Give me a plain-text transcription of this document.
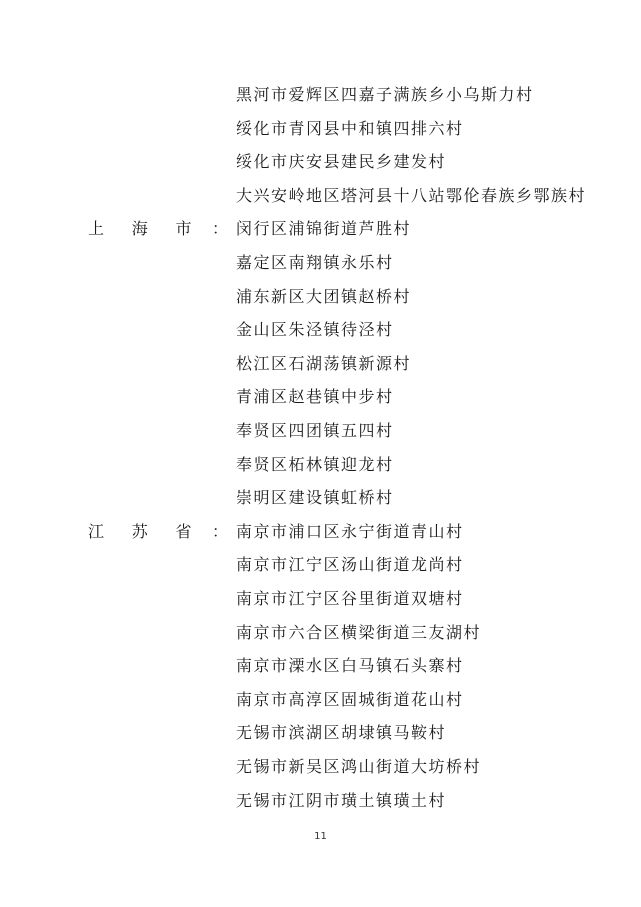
黑河市爱辉区四嘉子满族乡小乌斯力村
绥化市青冈县中和镇四排六村
绥化市庆安县建民乡建发村
大兴安岭地区塔河县十八站鄂伦春族乡鄂族村
上 海 市 ： 闵行区浦锦街道芦胜村
嘉定区南翔镇永乐村
浦东新区大团镇赵桥村
金山区朱泾镇待泾村
松江区石湖荡镇新源村
青浦区赵巷镇中步村
奉贤区四团镇五四村
奉贤区柘林镇迎龙村
崇明区建设镇虹桥村
江 苏 省 ： 南京市浦口区永宁街道青山村
南京市江宁区汤山街道龙尚村
南京市江宁区谷里街道双塘村
南京市六合区横梁街道三友湖村
南京市溧水区白马镇石头寨村
南京市高淳区固城街道花山村
无锡市滨湖区胡埭镇马鞍村
无锡市新吴区鸿山街道大坊桥村
无锡市江阴市璜土镇璜土村
11
